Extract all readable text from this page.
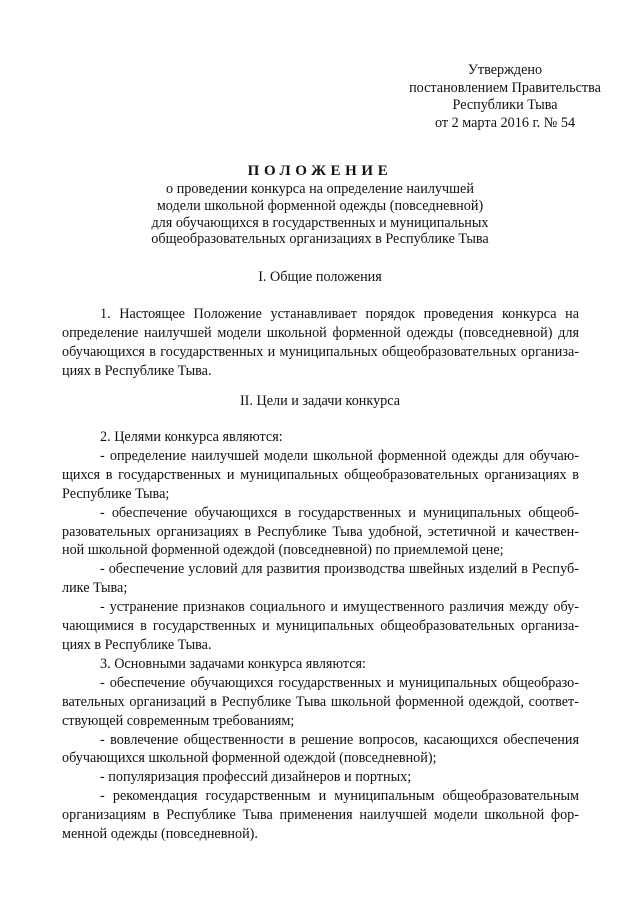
Утверждено
постановлением Правительства
Республики Тыва
от 2 марта 2016 г. № 54
ПОЛОЖЕНИЕ
о проведении конкурса на определение наилучшей
модели школьной форменной одежды (повседневной)
для обучающихся в государственных и муниципальных
общеобразовательных организациях в Республике Тыва
I. Общие положения
1. Настоящее Положение устанавливает порядок проведения конкурса на
определение наилучшей модели школьной форменной одежды (повседневной) для
обучающихся в государственных и муниципальных общеобразовательных организа-
циях в Республике Тыва.
II. Цели и задачи конкурса
2. Целями конкурса являются:
- определение наилучшей модели школьной форменной одежды для обучаю-
щихся в государственных и муниципальных общеобразовательных организациях в
Республике Тыва;
- обеспечение обучающихся в государственных и муниципальных общеоб-
разовательных организациях в Республике Тыва удобной, эстетичной и качествен-
ной школьной форменной одеждой (повседневной) по приемлемой цене;
- обеспечение условий для развития производства швейных изделий в Респуб-
лике Тыва;
- устранение признаков социального и имущественного различия между обу-
чающимися в государственных и муниципальных общеобразовательных организа-
циях в Республике Тыва.
3. Основными задачами конкурса являются:
- обеспечение обучающихся государственных и муниципальных общеобразо-
вательных организаций в Республике Тыва школьной форменной одеждой, соответ-
ствующей современным требованиям;
- вовлечение общественности в решение вопросов, касающихся обеспечения
обучающихся школьной форменной одеждой (повседневной);
- популяризация профессий дизайнеров и портных;
- рекомендация государственным и муниципальным общеобразовательным
организациям в Республике Тыва применения наилучшей модели школьной фор-
менной одежды (повседневной).
